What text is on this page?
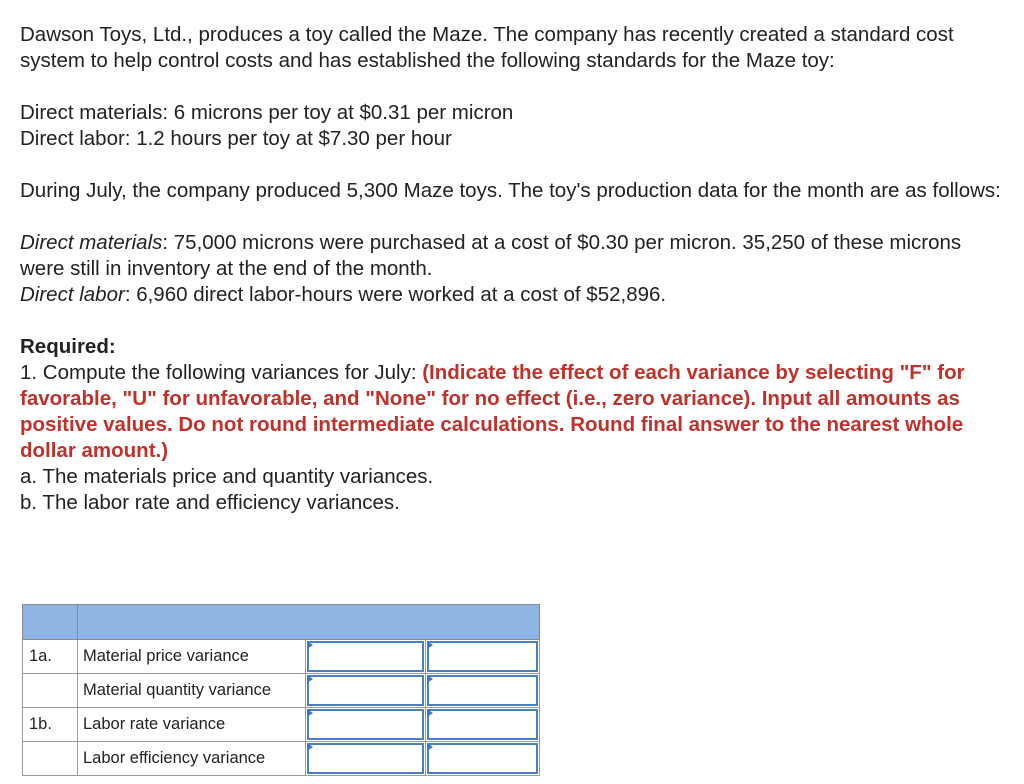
Dawson Toys, Ltd., produces a toy called the Maze. The company has recently created a standard cost system to help control costs and has established the following standards for the Maze toy:

Direct materials: 6 microns per toy at $0.31 per micron

Direct labor: 1.2 hours per toy at $7.30 per hour

During July, the company produced 5,300 Maze toys. The toy's production data for the month are as follows:

Direct materials: 75,000 microns were purchased at a cost of $0.30 per micron. 35,250 of these microns were still in inventory at the end of the month.

Direct labor: 6,960 direct labor-hours were worked at a cost of $52,896.

Required:

1. Compute the following variances for July: (Indicate the effect of each variance by selecting "F" for favorable, "U" for unfavorable, and "None" for no effect (i.e., zero variance). Input all amounts as positive values. Do not round intermediate calculations. Round final answer to the nearest whole dollar amount.)

a. The materials price and quantity variances.

b. The labor rate and efficiency variances.

1a.	Material price variance	

	Material quantity variance	

1b.	Labor rate variance	

	Labor efficiency variance	
